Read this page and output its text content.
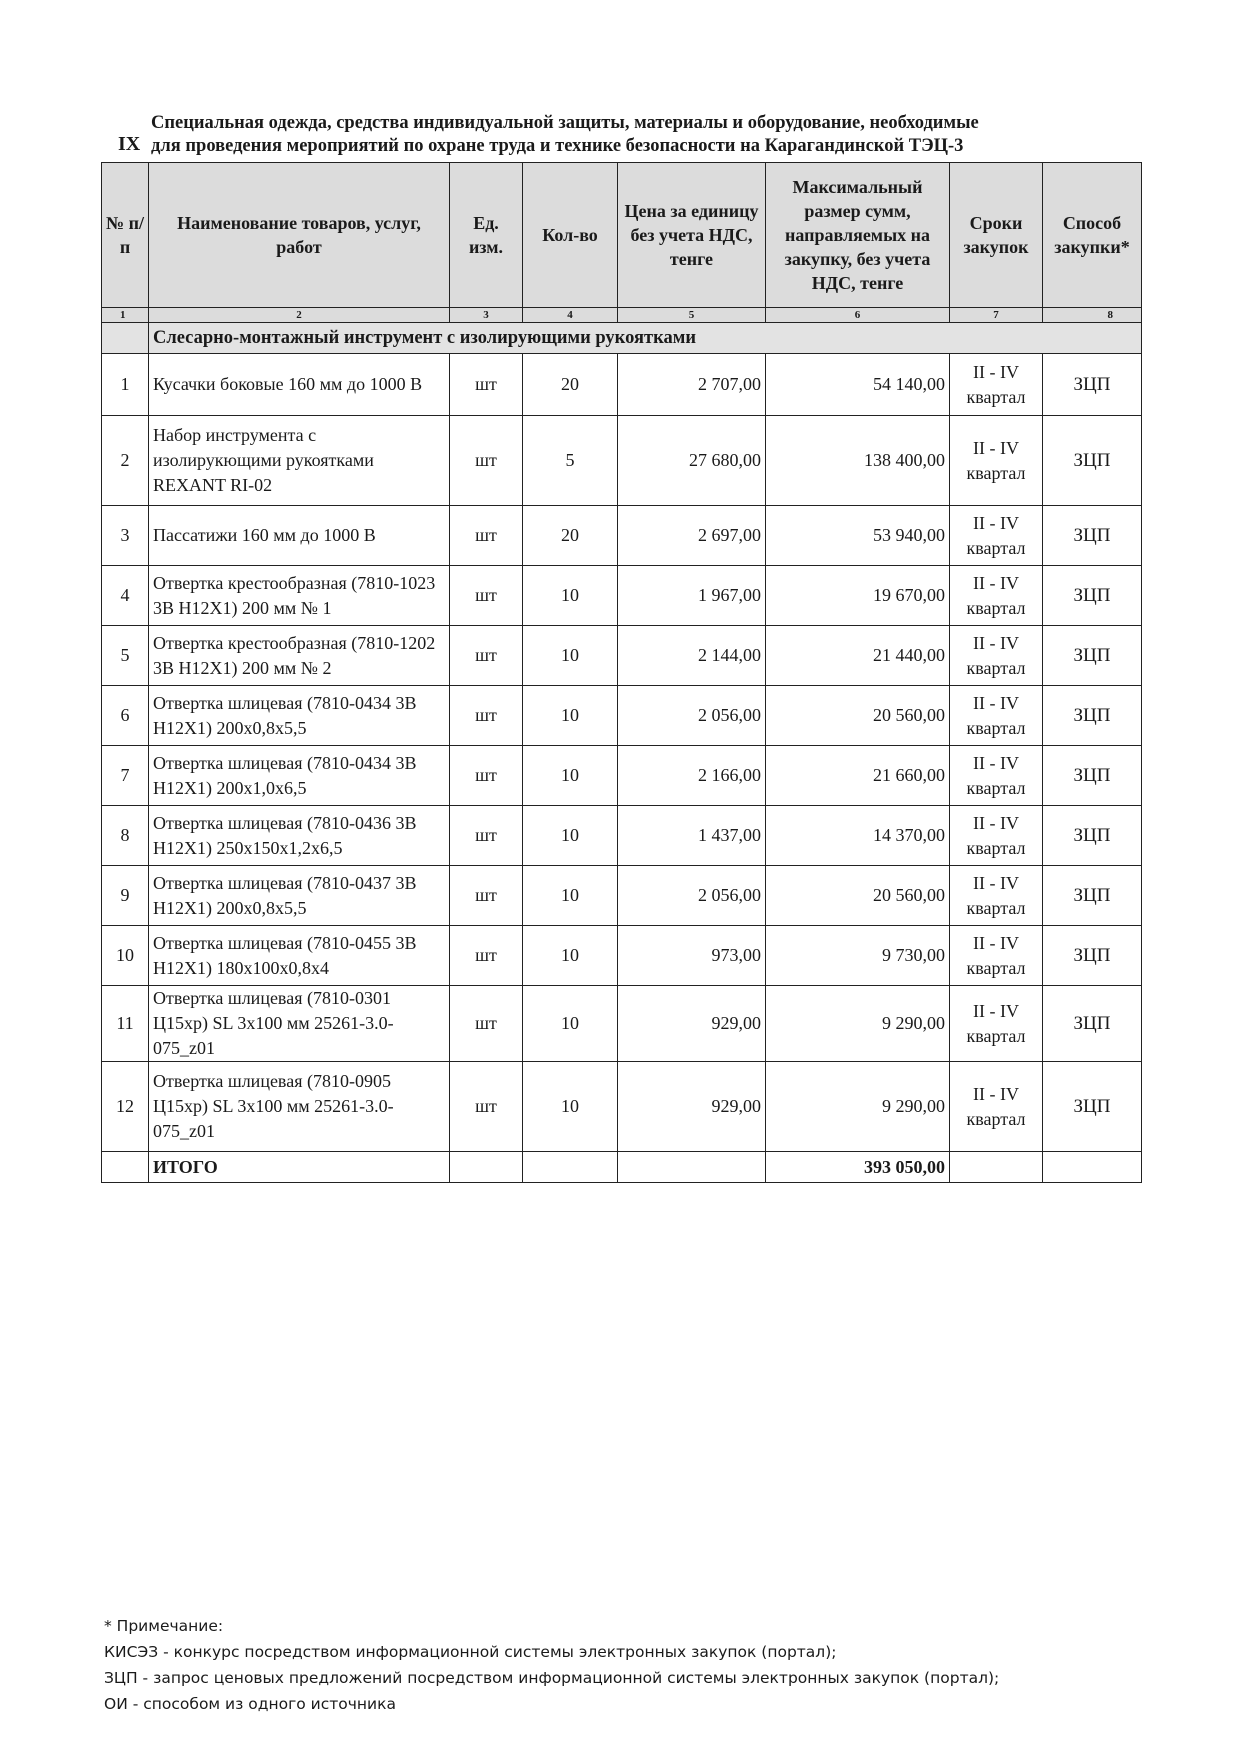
IX
Специальная одежда, средства индивидуальной защиты, материалы и оборудование, необходимые
для проведения мероприятий по охране труда и технике безопасности на Карагандинской ТЭЦ-3
№ п/п	Наименование товаров, услуг, работ	Ед. изм.	Кол-во	Цена за единицу без учета НДС, тенге	Максимальный размер сумм, направляемых на закупку, без учета НДС, тенге	Сроки закупок	Способ закупки*
1	2	3	4	5	6	7	8
	Слесарно-монтажный инструмент с изолирующими рукоятками						
1	Кусачки боковые 160 мм до 1000 В	шт	20	2 707,00	54 140,00	II - IV квартал	ЗЦП
2	Набор инструмента с изолирукющими рукоятками REXANT RI-02	шт	5	27 680,00	138 400,00	II - IV квартал	ЗЦП
3	Пассатижи 160 мм до 1000 В	шт	20	2 697,00	53 940,00	II - IV квартал	ЗЦП
4	Отвертка крестообразная (7810-1023 3В Н12Х1) 200 мм № 1	шт	10	1 967,00	19 670,00	II - IV квартал	ЗЦП
5	Отвертка крестообразная (7810-1202 3В Н12Х1) 200 мм № 2	шт	10	2 144,00	21 440,00	II - IV квартал	ЗЦП
6	Отвертка шлицевая (7810-0434 3В Н12Х1) 200х0,8х5,5	шт	10	2 056,00	20 560,00	II - IV квартал	ЗЦП
7	Отвертка шлицевая (7810-0434 3В Н12Х1) 200х1,0х6,5	шт	10	2 166,00	21 660,00	II - IV квартал	ЗЦП
8	Отвертка шлицевая (7810-0436 3В Н12Х1) 250х150х1,2х6,5	шт	10	1 437,00	14 370,00	II - IV квартал	ЗЦП
9	Отвертка шлицевая (7810-0437 3В Н12Х1) 200х0,8х5,5	шт	10	2 056,00	20 560,00	II - IV квартал	ЗЦП
10	Отвертка шлицевая (7810-0455 3В Н12Х1) 180х100х0,8х4	шт	10	973,00	9 730,00	II - IV квартал	ЗЦП
11	Отвертка шлицевая (7810-0301 Ц15хр) SL 3х100 мм 25261-3.0-075_z01	шт	10	929,00	9 290,00	II - IV квартал	ЗЦП
12	Отвертка шлицевая (7810-0905 Ц15хр) SL 3х100 мм 25261-3.0-075_z01	шт	10	929,00	9 290,00	II - IV квартал	ЗЦП
	ИТОГО				393 050,00		
* Примечание:
КИСЭЗ - конкурс посредством информационной системы электронных закупок (портал);
ЗЦП - запрос ценовых предложений посредством информационной системы электронных закупок (портал);
ОИ - способом из одного источника
